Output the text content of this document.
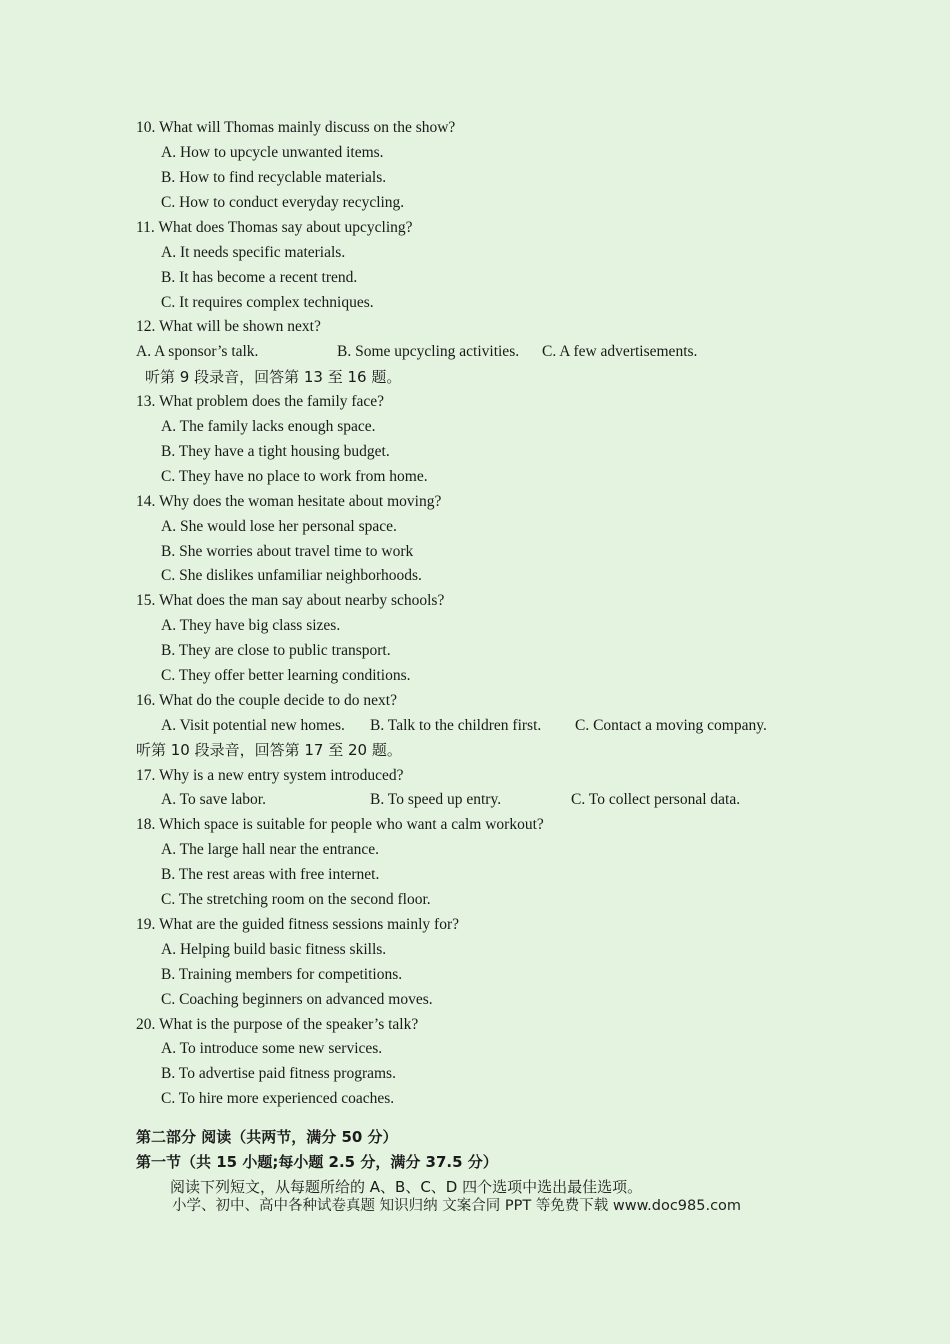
10. What will Thomas mainly discuss on the show?
A. How to upcycle unwanted items.
B. How to find recyclable materials.
C. How to conduct everyday recycling.
11. What does Thomas say about upcycling?
A. It needs specific materials.
B. It has become a recent trend.
C. It requires complex techniques.
12. What will be shown next?
A. A sponsor’s talk.	B. Some upcycling activities. C. A few advertisements.
听第 9 段录音，回答第 13 至 16 题。
13. What problem does the family face?
A. The family lacks enough space.
B. They have a tight housing budget.
C. They have no place to work from home.
14. Why does the woman hesitate about moving?
A. She would lose her personal space.
B. She worries about travel time to work
C. She dislikes unfamiliar neighborhoods.
15. What does the man say about nearby schools?
A. They have big class sizes.
B. They are close to public transport.
C. They offer better learning conditions.
16. What do the couple decide to do next?
A. Visit potential new homes. B. Talk to the children first. C. Contact a moving company.
听第 10 段录音，回答第 17 至 20 题。
17. Why is a new entry system introduced?
A. To save labor.	B. To speed up entry.	C. To collect personal data.
18. Which space is suitable for people who want a calm workout?
A. The large hall near the entrance.
B. The rest areas with free internet.
C. The stretching room on the second floor.
19. What are the guided fitness sessions mainly for?
A. Helping build basic fitness skills.
B. Training members for competitions.
C. Coaching beginners on advanced moves.
20. What is the purpose of the speaker’s talk?
A. To introduce some new services.
B. To advertise paid fitness programs.
C. To hire more experienced coaches.
第二部分 阅读（共两节，满分 50 分）
第一节（共 15 小题;每小题 2.5 分，满分 37.5 分）
阅读下列短文，从每题所给的 A、B、C、D 四个选项中选出最佳选项。
小学、初中、高中各种试卷真题 知识归纳 文案合同 PPT 等免费下载 www.doc985.com
